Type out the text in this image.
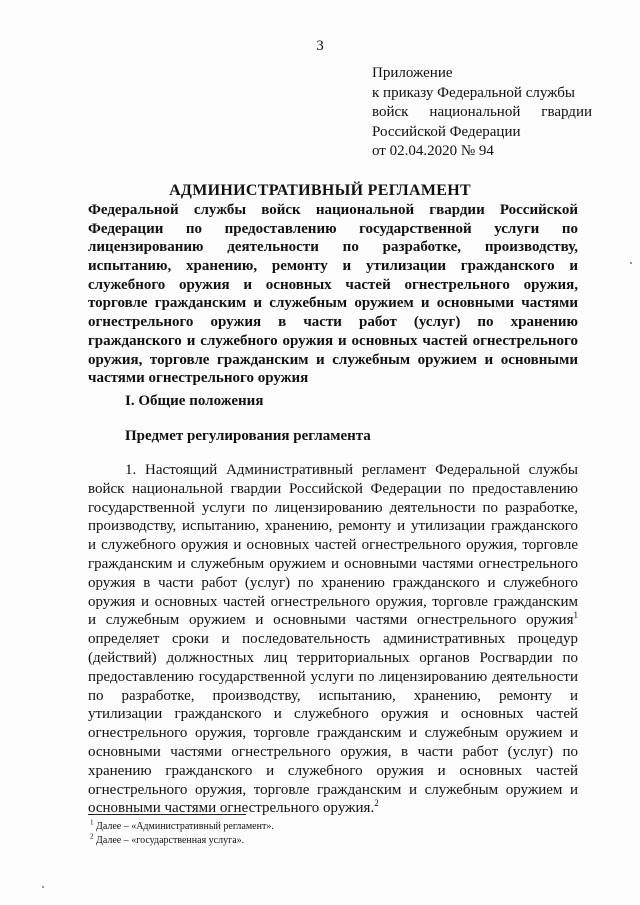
3
Приложение
к приказу Федеральной службы
войск национальной гвардии
Российской Федерации
от 02.04.2020 № 94
АДМИНИСТРАТИВНЫЙ РЕГЛАМЕНТ
Федеральной службы войск национальной гвардии Российской
Федерации по предоставлению государственной услуги по
лицензированию деятельности по разработке, производству,
испытанию, хранению, ремонту и утилизации гражданского и
служебного оружия и основных частей огнестрельного оружия,
торговле гражданским и служебным оружием и основными частями
огнестрельного оружия в части работ (услуг) по хранению
гражданского и служебного оружия и основных частей огнестрельного
оружия, торговле гражданским и служебным оружием и основными
частями огнестрельного оружия
I. Общие положения
Предмет регулирования регламента
1. Настоящий Административный регламент Федеральной службы
войск национальной гвардии Российской Федерации по предоставлению
государственной услуги по лицензированию деятельности по разработке,
производству, испытанию, хранению, ремонту и утилизации гражданского
и служебного оружия и основных частей огнестрельного оружия, торговле
гражданским и служебным оружием и основными частями огнестрельного
оружия в части работ (услуг) по хранению гражданского и служебного
оружия и основных частей огнестрельного оружия, торговле гражданским
и служебным оружием и основными частями огнестрельного оружия$^1$
определяет сроки и последовательность административных процедур
(действий) должностных лиц территориальных органов Росгвардии по
предоставлению государственной услуги по лицензированию деятельности
по разработке, производству, испытанию, хранению, ремонту и
утилизации гражданского и служебного оружия и основных частей
огнестрельного оружия, торговле гражданским и служебным оружием и
основными частями огнестрельного оружия, в части работ (услуг) по
хранению гражданского и служебного оружия и основных частей
огнестрельного оружия, торговле гражданским и служебным оружием и
основными частями огнестрельного оружия.$^2$
$^1$ Далее – «Административный регламент».
$^2$ Далее – «государственная услуга».
